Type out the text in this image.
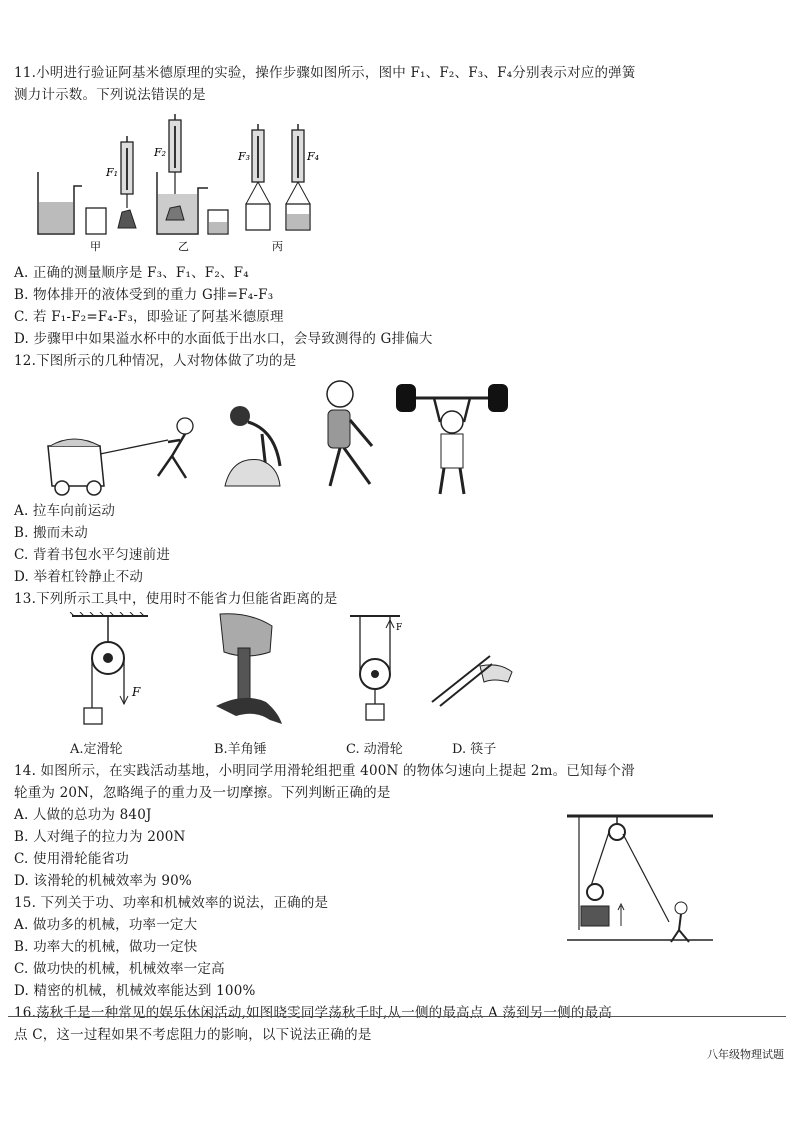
11.小明进行验证阿基米德原理的实验，操作步骤如图所示，图中 F₁、F₂、F₃、F₄分别表示对应的弹簧
测力计示数。下列说法错误的是
F₁
甲
F₂
乙
F₃	F₄
丙
A. 正确的测量顺序是 F₃、F₁、F₂、F₄
B. 物体排开的液体受到的重力 G排=F₄-F₃
C. 若 F₁-F₂=F₄-F₃，即验证了阿基米德原理
D. 步骤甲中如果溢水杯中的水面低于出水口，会导致测得的 G排偏大
12.下图所示的几种情况，人对物体做了功的是
A. 拉车向前运动
B. 搬而未动
C. 背着书包水平匀速前进
D. 举着杠铃静止不动
13.下列所示工具中，使用时不能省力但能省距离的是
F
F
A.定滑轮	B.羊角锤	C. 动滑轮	D. 筷子
14. 如图所示，在实践活动基地，小明同学用滑轮组把重 400N 的物体匀速向上提起 2m。已知每个滑
轮重为 20N，忽略绳子的重力及一切摩擦。下列判断正确的是
A. 人做的总功为 840J
B. 人对绳子的拉力为 200N
C. 使用滑轮能省功
D. 该滑轮的机械效率为 90%
15. 下列关于功、功率和机械效率的说法，正确的是
A. 做功多的机械，功率一定大
B. 功率大的机械，做功一定快
C. 做功快的机械，机械效率一定高
D. 精密的机械，机械效率能达到 100%
16.荡秋千是一种常见的娱乐休闲活动,如图晓雯同学荡秋千时,从一侧的最高点 A 荡到另一侧的最高
点 C，这一过程如果不考虑阻力的影响，以下说法正确的是
八年级物理试题
